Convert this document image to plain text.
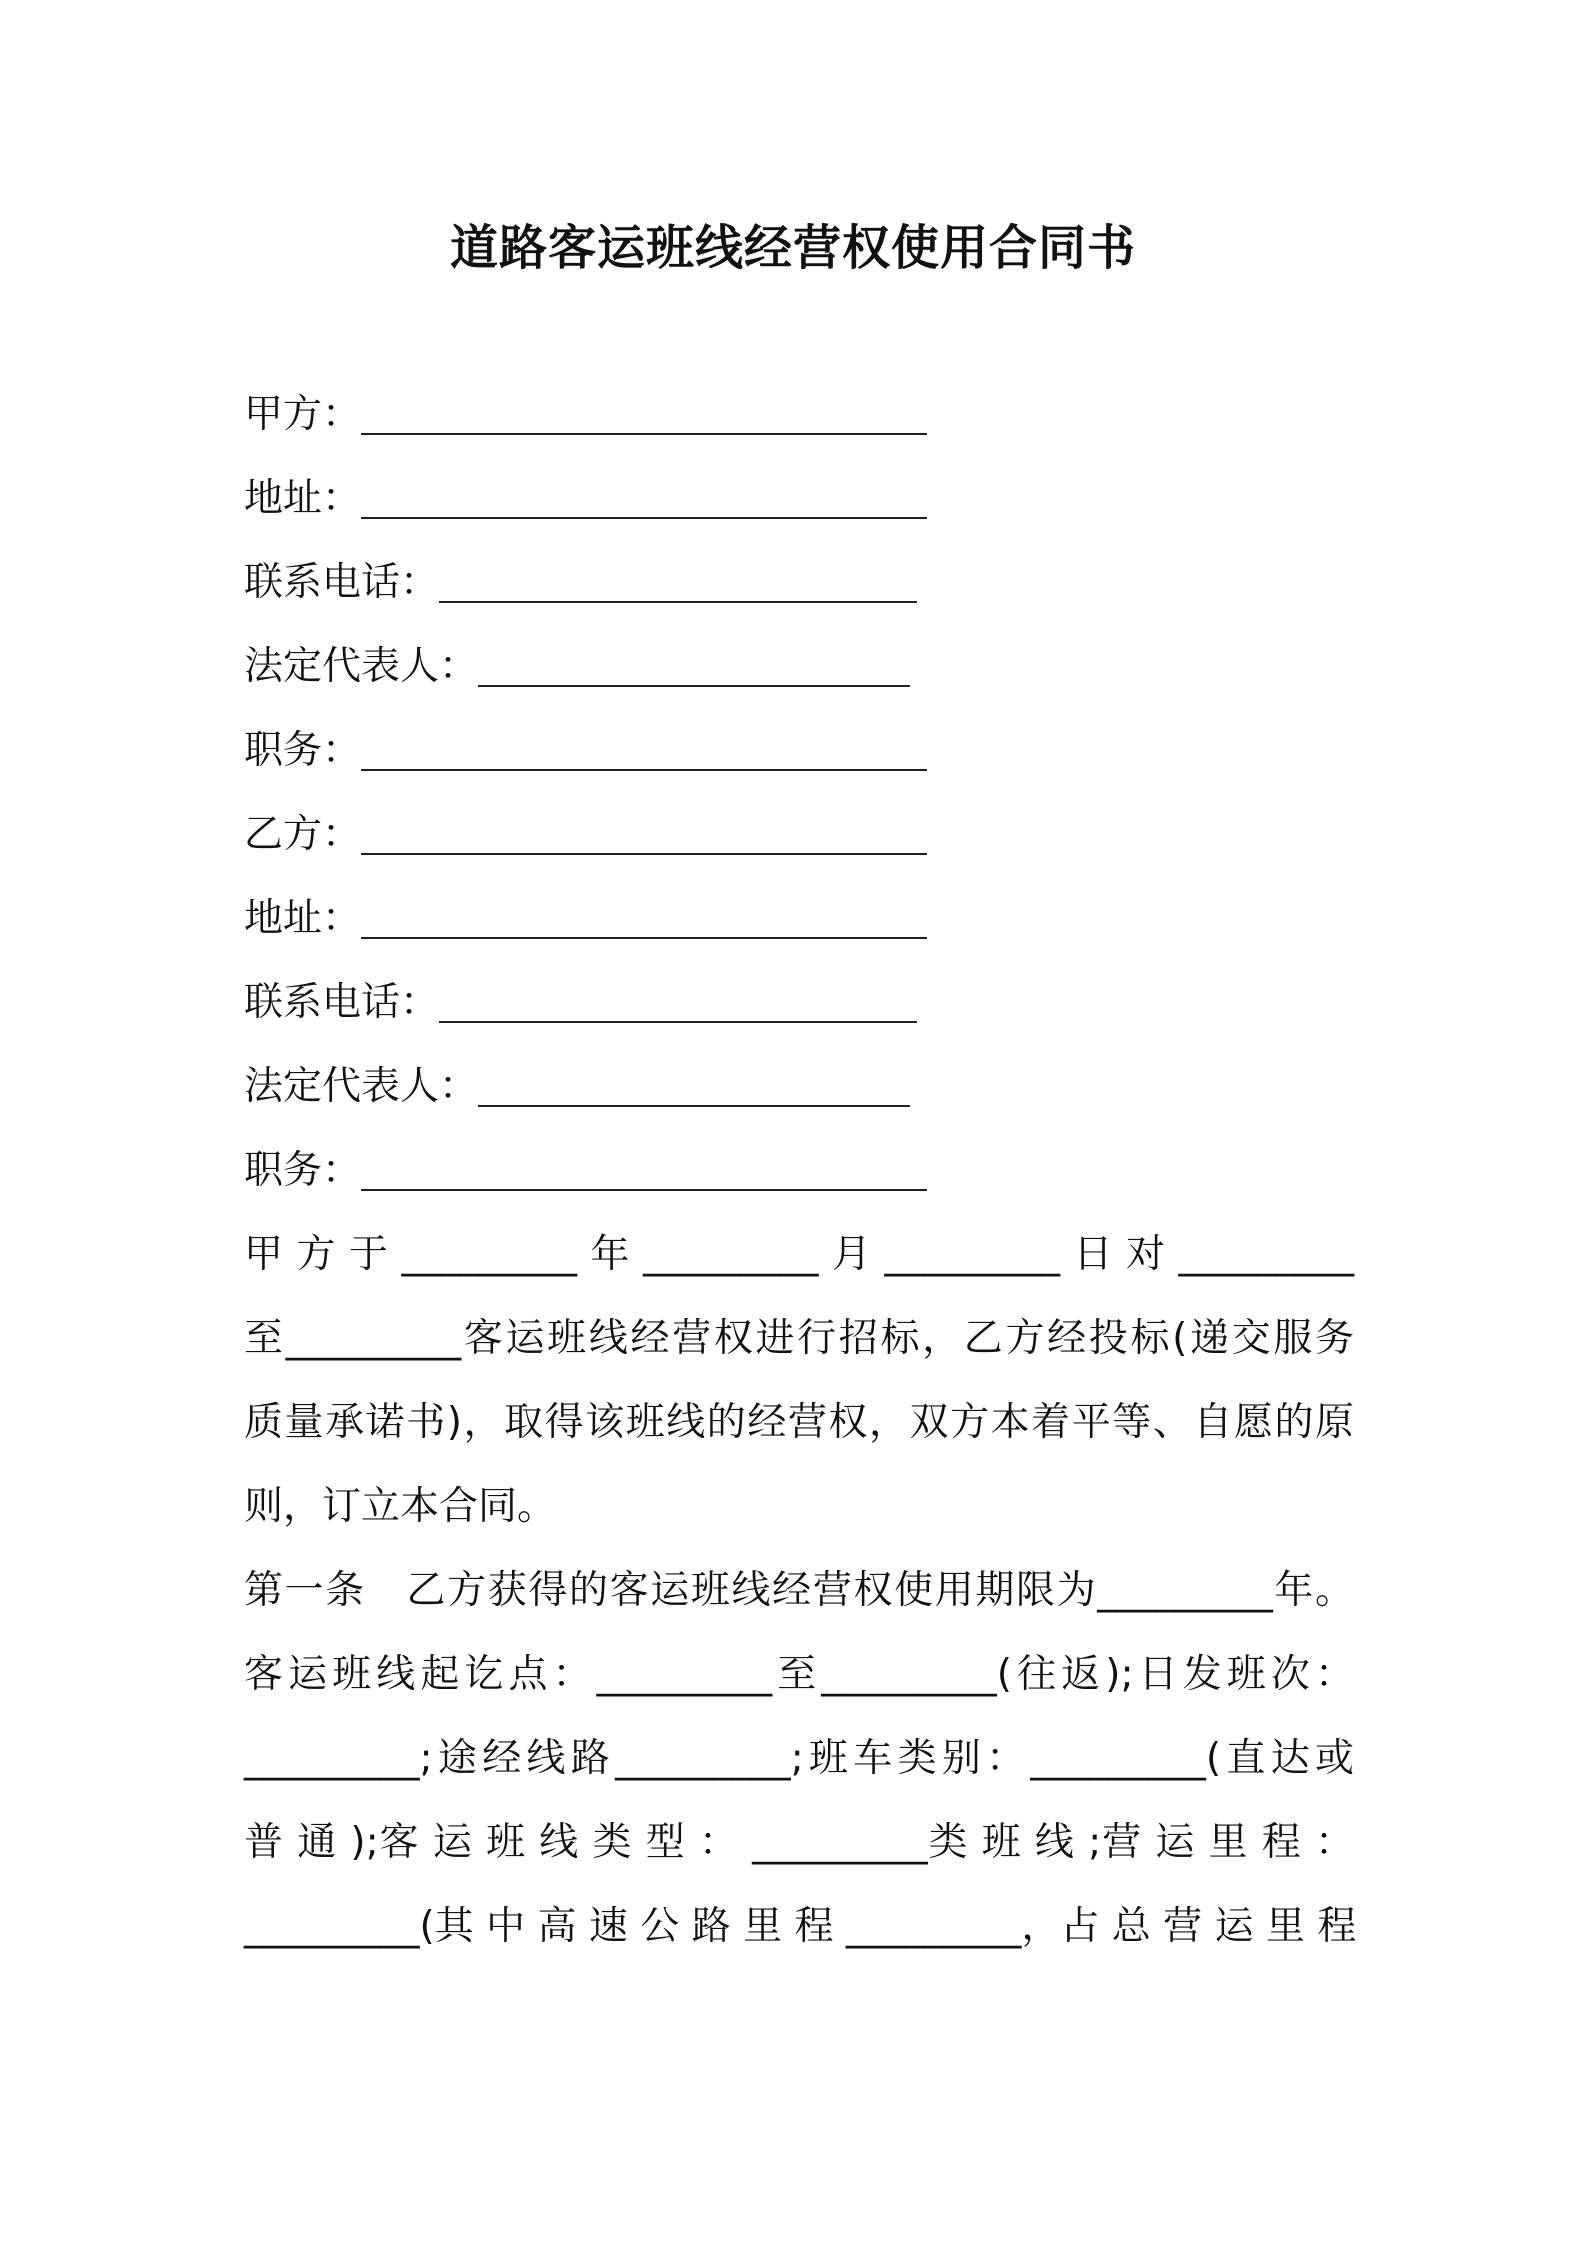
道路客运班线经营权使用合同书
甲方：
地址：
联系电话：
法定代表人：
职务：
乙方：
地址：
联系电话：
法定代表人：
职务：
甲方于_________年_________月_________日对_________
至_________客运班线经营权进行招标，乙方经投标(递交服务
质量承诺书)，取得该班线的经营权，双方本着平等、自愿的原
则，订立本合同。
第一条　乙方获得的客运班线经营权使用期限为_________年。
客运班线起讫点：_________至_________(往返);日发班次：
_________;途经线路_________;班车类别：_________(直达或
普 通 );客 运 班 线 类 型 ： _________类 班 线 ;营 运 里 程 ：
_________(其 中 高 速 公 路 里 程 _________，占 总 营 运 里 程
